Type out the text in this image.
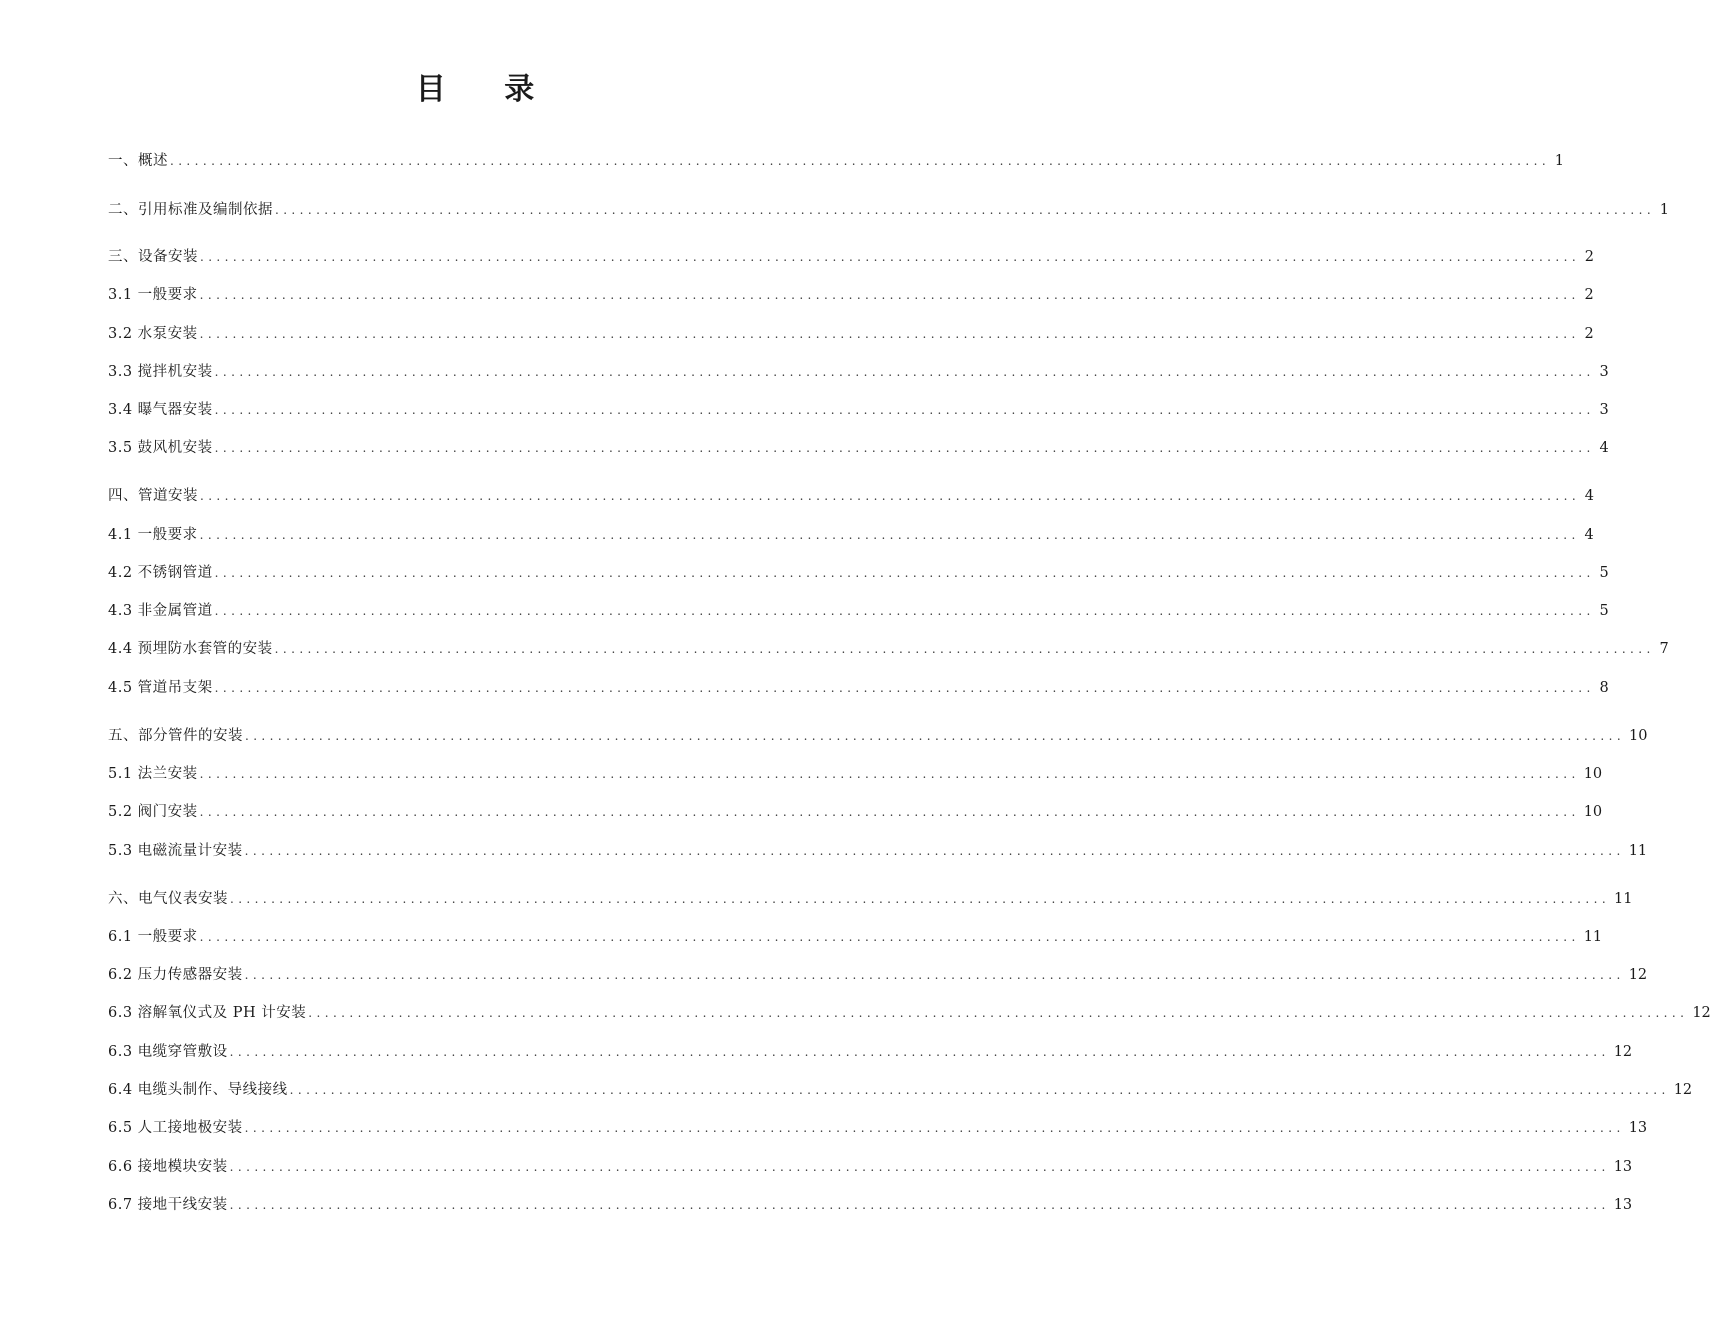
目 录
一、概述 ........................................................................................................................................................................ 1
二、引用标准及编制依据 ........................................................................................................................................................................ 1
三、设备安装 ........................................................................................................................................................................ 2
3.1 一般要求 ........................................................................................................................................................................ 2
3.2 水泵安装 ........................................................................................................................................................................ 2
3.3 搅拌机安装 ........................................................................................................................................................................ 3
3.4 曝气器安装 ........................................................................................................................................................................ 3
3.5 鼓风机安装 ........................................................................................................................................................................ 4
四、管道安装 ........................................................................................................................................................................ 4
4.1 一般要求 ........................................................................................................................................................................ 4
4.2 不锈钢管道 ........................................................................................................................................................................ 5
4.3 非金属管道 ........................................................................................................................................................................ 5
4.4 预埋防水套管的安装 ........................................................................................................................................................................ 7
4.5 管道吊支架 ........................................................................................................................................................................ 8
五、部分管件的安装 ........................................................................................................................................................................ 10
5.1 法兰安装 ........................................................................................................................................................................ 10
5.2 阀门安装 ........................................................................................................................................................................ 10
5.3 电磁流量计安装 ........................................................................................................................................................................ 11
六、电气仪表安装 ........................................................................................................................................................................ 11
6.1 一般要求 ........................................................................................................................................................................ 11
6.2 压力传感器安装 ........................................................................................................................................................................ 12
6.3 溶解氧仪式及 PH 计安装 ........................................................................................................................................................................ 12
6.3 电缆穿管敷设 ........................................................................................................................................................................ 12
6.4 电缆头制作、导线接线 ........................................................................................................................................................................ 12
6.5 人工接地极安装 ........................................................................................................................................................................ 13
6.6 接地模块安装 ........................................................................................................................................................................ 13
6.7 接地干线安装 ........................................................................................................................................................................ 13
